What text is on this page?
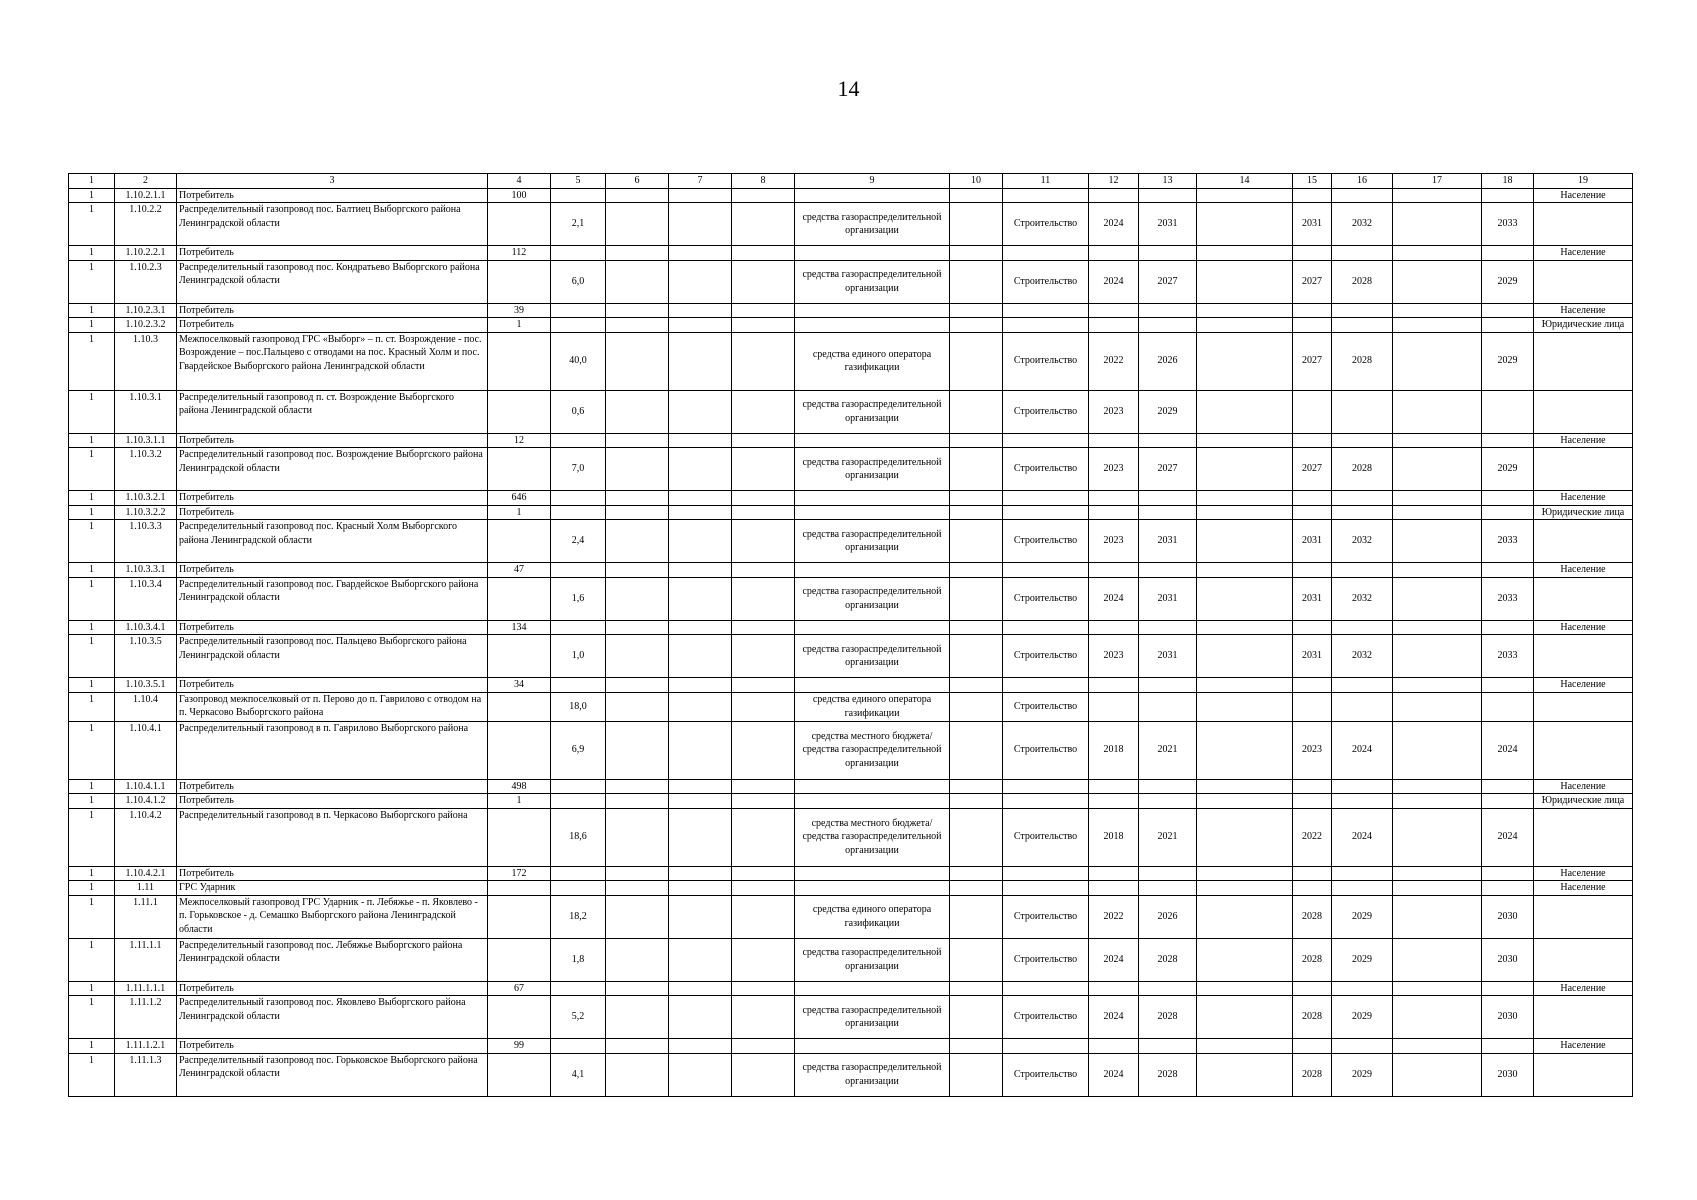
14
1	2	3	4	5	6	7	8	9	10	11	12	13	14	15	16	17	18	19
1	1.10.2.1.1	Потребитель	100															Население
1	1.10.2.2	Распределительный газопровод пос. Балтиец Выборгского района Ленинградской области		2,1				средства газораспределительной организации		Строительство	2024	2031		2031	2032		2033	
1	1.10.2.2.1	Потребитель	112															Население
1	1.10.2.3	Распределительный газопровод пос. Кондратьево Выборгского района Ленинградской области		6,0				средства газораспределительной организации		Строительство	2024	2027		2027	2028		2029	
1	1.10.2.3.1	Потребитель	39															Население
1	1.10.2.3.2	Потребитель	1															Юридические лица
1	1.10.3	Межпоселковый газопровод ГРС «Выборг» – п. ст. Возрождение - пос. Возрождение – пос.Пальцево с отводами на пос. Красный Холм и пос. Гвардейское Выборгского района Ленинградской области		40,0				средства единого оператора газификации		Строительство	2022	2026		2027	2028		2029	
1	1.10.3.1	Распределительный газопровод п. ст. Возрождение Выборгского района Ленинградской области		0,6				средства газораспределительной организации		Строительство	2023	2029						
1	1.10.3.1.1	Потребитель	12															Население
1	1.10.3.2	Распределительный газопровод пос. Возрождение Выборгского района Ленинградской области		7,0				средства газораспределительной организации		Строительство	2023	2027		2027	2028		2029	
1	1.10.3.2.1	Потребитель	646															Население
1	1.10.3.2.2	Потребитель	1															Юридические лица
1	1.10.3.3	Распределительный газопровод пос. Красный Холм Выборгского района Ленинградской области		2,4				средства газораспределительной организации		Строительство	2023	2031		2031	2032		2033	
1	1.10.3.3.1	Потребитель	47															Население
1	1.10.3.4	Распределительный газопровод пос. Гвардейское Выборгского района Ленинградской области		1,6				средства газораспределительной организации		Строительство	2024	2031		2031	2032		2033	
1	1.10.3.4.1	Потребитель	134															Население
1	1.10.3.5	Распределительный газопровод пос. Пальцево Выборгского района Ленинградской области		1,0				средства газораспределительной организации		Строительство	2023	2031		2031	2032		2033	
1	1.10.3.5.1	Потребитель	34															Население
1	1.10.4	Газопровод межпоселковый от п. Перово до п. Гаврилово с отводом на п. Черкасово Выборгского района		18,0				средства единого оператора газификации		Строительство								
1	1.10.4.1	Распределительный газопровод в п. Гаврилово Выборгского района		6,9				средства местного бюджета/средства газораспределительной организации		Строительство	2018	2021		2023	2024		2024	
1	1.10.4.1.1	Потребитель	498															Население
1	1.10.4.1.2	Потребитель	1															Юридические лица
1	1.10.4.2	Распределительный газопровод в п. Черкасово Выборгского района		18,6				средства местного бюджета/средства газораспределительной организации		Строительство	2018	2021		2022	2024		2024	
1	1.10.4.2.1	Потребитель	172															Население
1	1.11	ГРС Ударник																Население
1	1.11.1	Межпоселковый газопровод ГРС Ударник - п. Лебяжье - п. Яковлево - п. Горьковское - д. Семашко Выборгского района Ленинградской области		18,2				средства единого оператора газификации		Строительство	2022	2026		2028	2029		2030	
1	1.11.1.1	Распределительный газопровод пос. Лебяжье Выборгского района Ленинградской области		1,8				средства газораспределительной организации		Строительство	2024	2028		2028	2029		2030	
1	1.11.1.1.1	Потребитель	67															Население
1	1.11.1.2	Распределительный газопровод пос. Яковлево Выборгского района Ленинградской области		5,2				средства газораспределительной организации		Строительство	2024	2028		2028	2029		2030	
1	1.11.1.2.1	Потребитель	99															Население
1	1.11.1.3	Распределительный газопровод пос. Горьковское Выборгского района Ленинградской области		4,1				средства газораспределительной организации		Строительство	2024	2028		2028	2029		2030	
